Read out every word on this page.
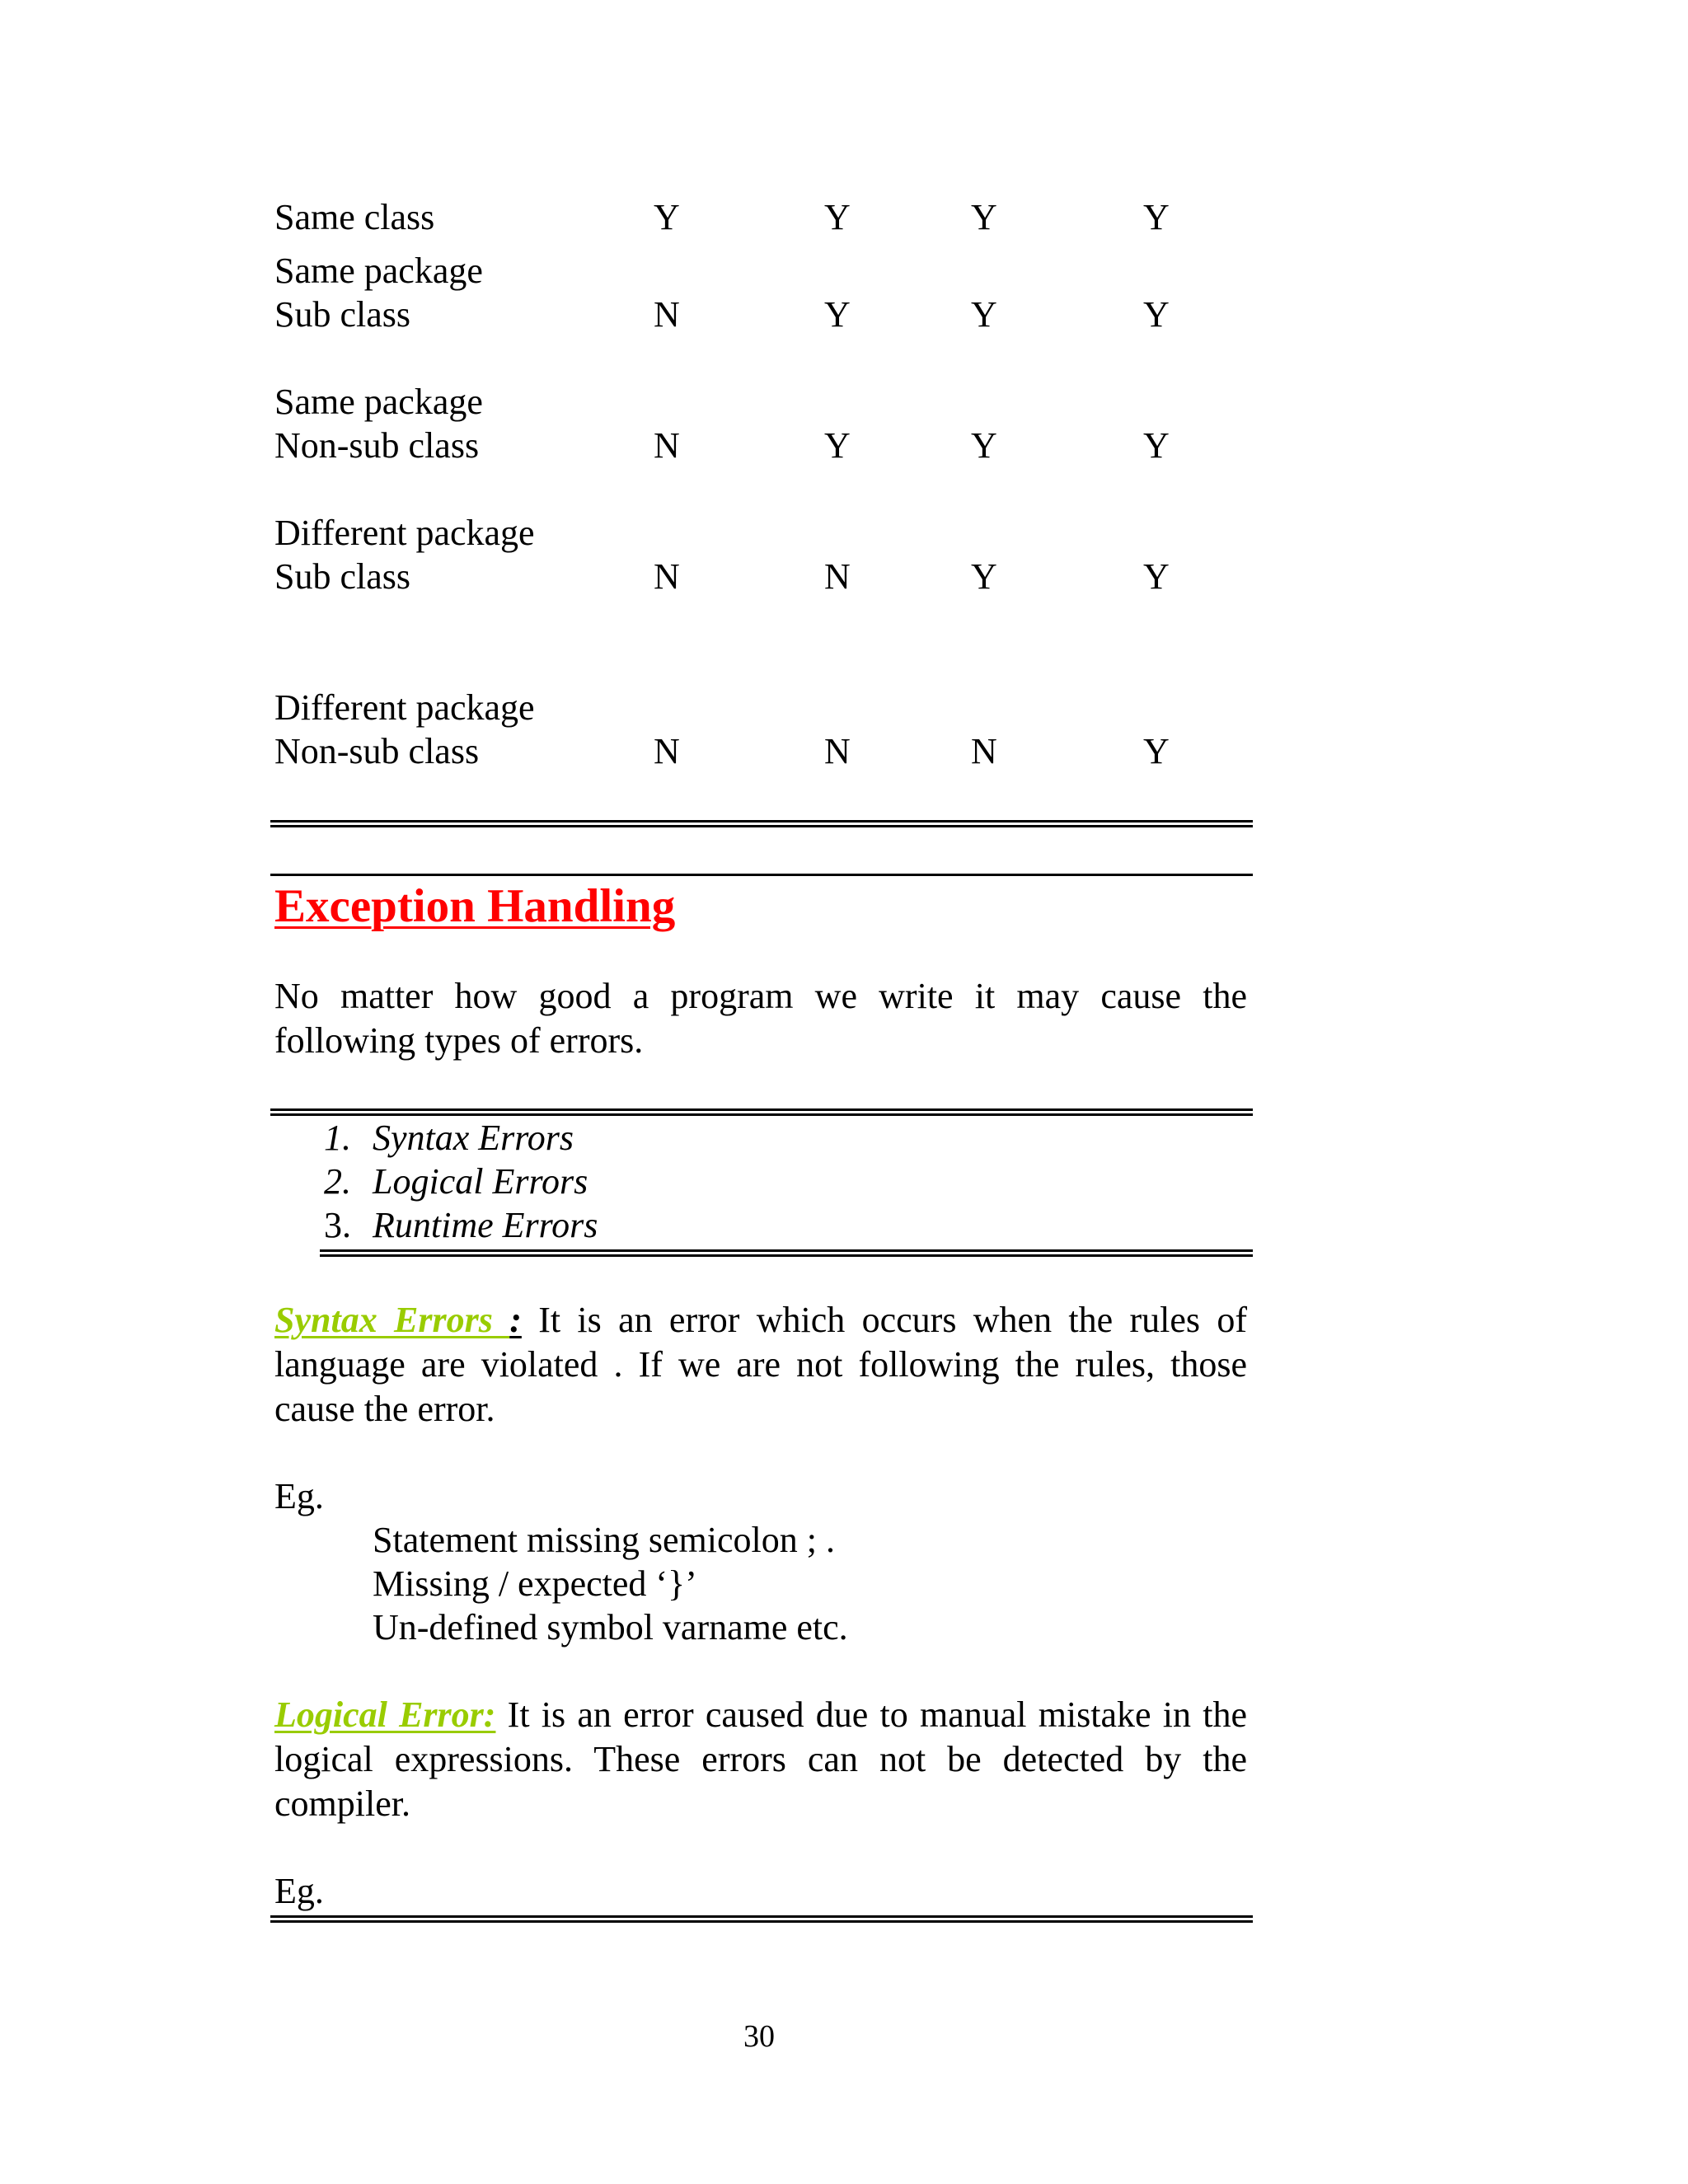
Same class	Y	Y	Y	Y
Same package
Sub class	N	Y	Y	Y
Same package
Non-sub class	N	Y	Y	Y
Different package
Sub class	N	N	Y	Y
Different package
Non-sub class	N	N	N	Y
Exception Handling

No matter how good a program we write it may cause the following types of errors.

1. Syntax Errors
2. Logical Errors
3. Runtime Errors

Syntax Errors : It is an error which occurs when the rules of language are violated . If we are not following the rules, those cause the error.

Eg.
Statement missing semicolon ; .
Missing / expected ‘}’
Un-defined symbol varname etc.

Logical Error: It is an error caused due to manual mistake in the logical expressions. These errors can not be detected by the compiler.

Eg.
30
